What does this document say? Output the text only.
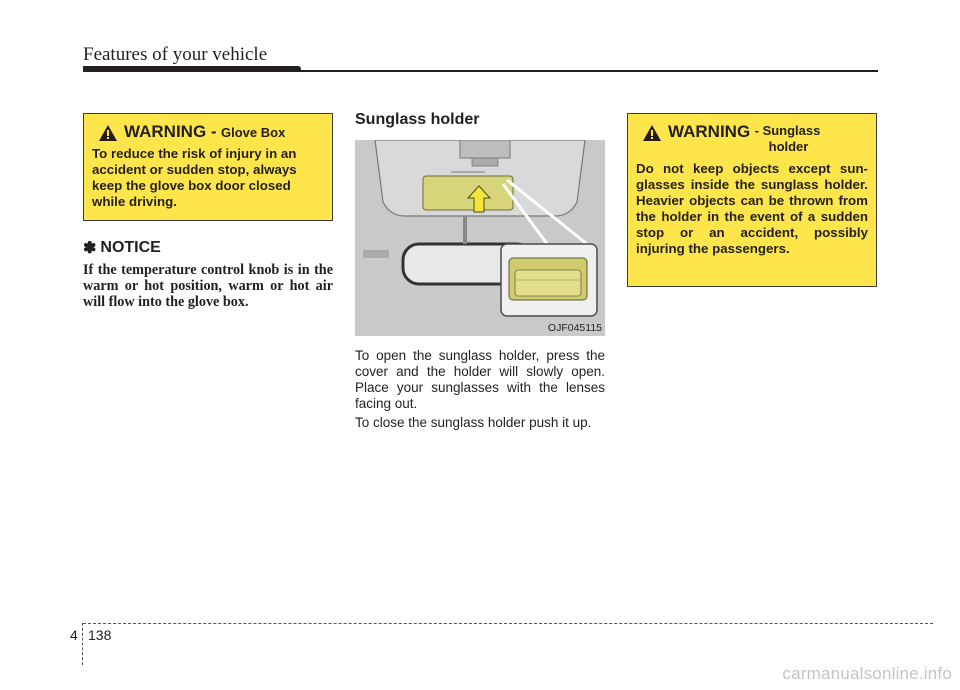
Features of your vehicle
WARNING - Glove Box
To reduce the risk of injury in an accident or sudden stop, always keep the glove box door closed while driving.
✽ NOTICE
If the temperature control knob is in the warm or hot position, warm or hot air will flow into the glove box.
Sunglass holder
OJF045115
To open the sunglass holder, press the cover and the holder will slowly open. Place your sunglasses with the lenses facing out.
To close the sunglass holder push it up.
WARNING - Sunglass
holder
Do not keep objects except sun-glasses inside the sunglass holder. Heavier objects can be thrown from the holder in the event of a sudden stop or an accident, possibly injuring the passengers.
4 138
carmanualsonline.info
